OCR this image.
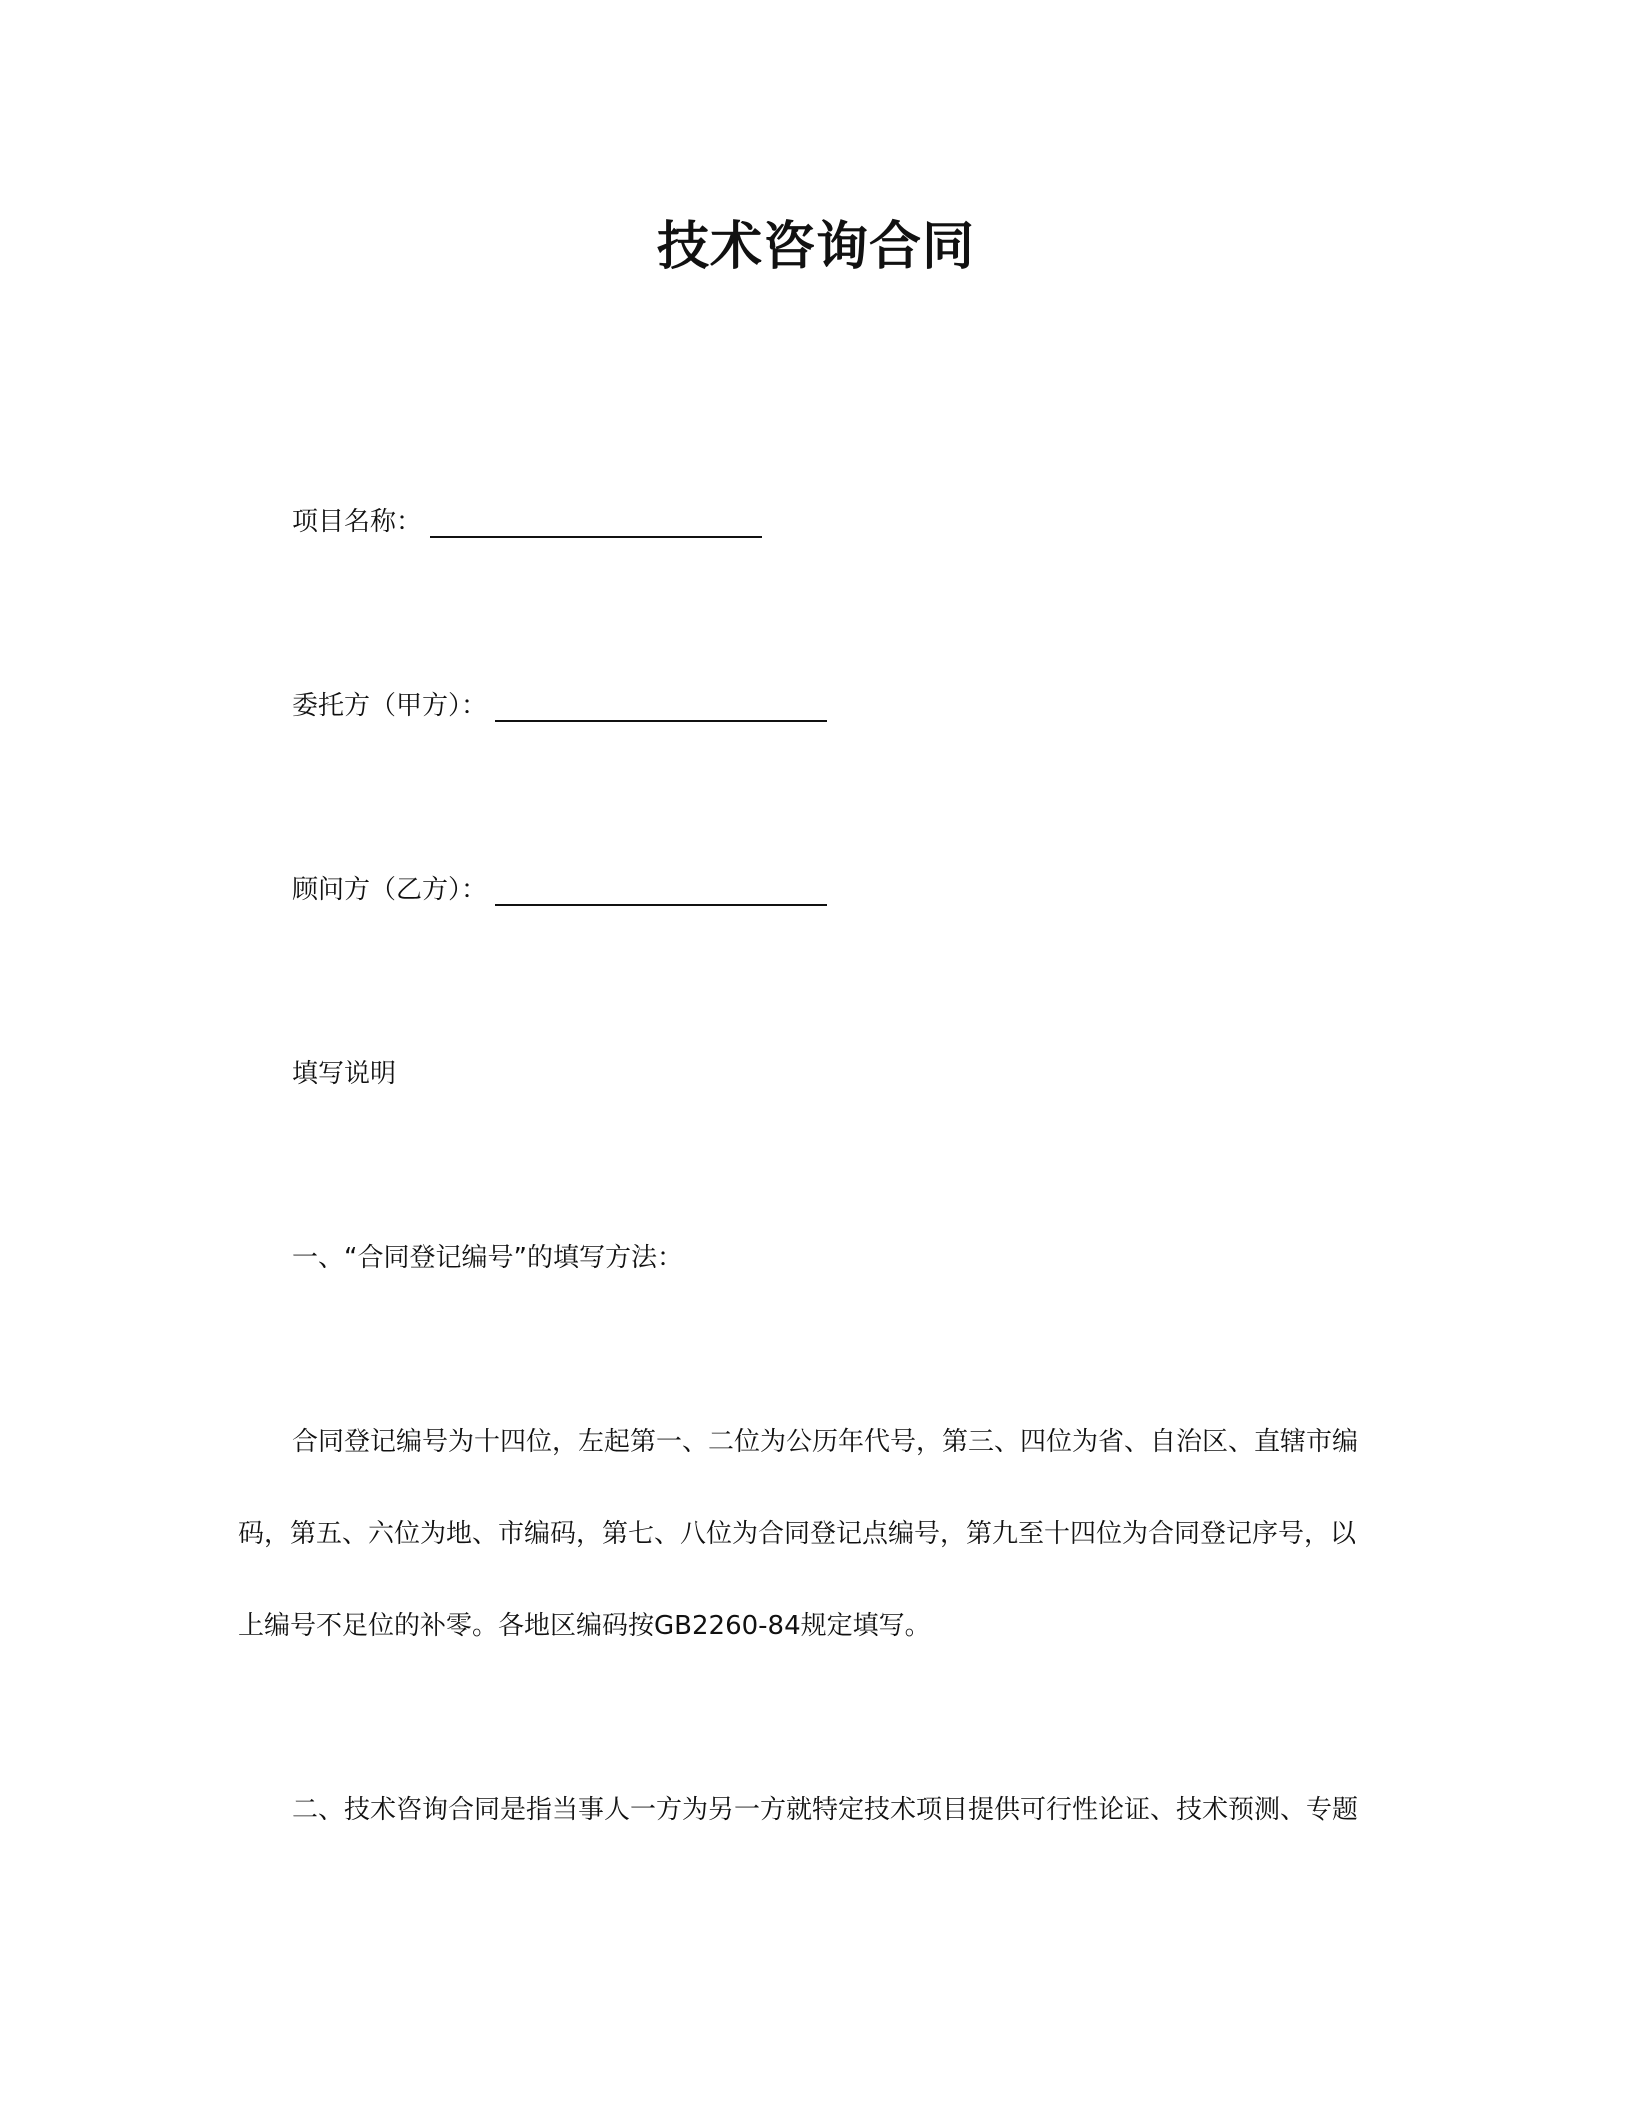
技术咨询合同
项目名称：
委托方（甲方）：
顾问方（乙方）：
填写说明
一、“合同登记编号”的填写方法：
合同登记编号为十四位，左起第一、二位为公历年代号，第三、四位为省、自治区、直辖市编
码，第五、六位为地、市编码，第七、八位为合同登记点编号，第九至十四位为合同登记序号，以
上编号不足位的补零。各地区编码按GB2260-84规定填写。
二、技术咨询合同是指当事人一方为另一方就特定技术项目提供可行性论证、技术预测、专题
